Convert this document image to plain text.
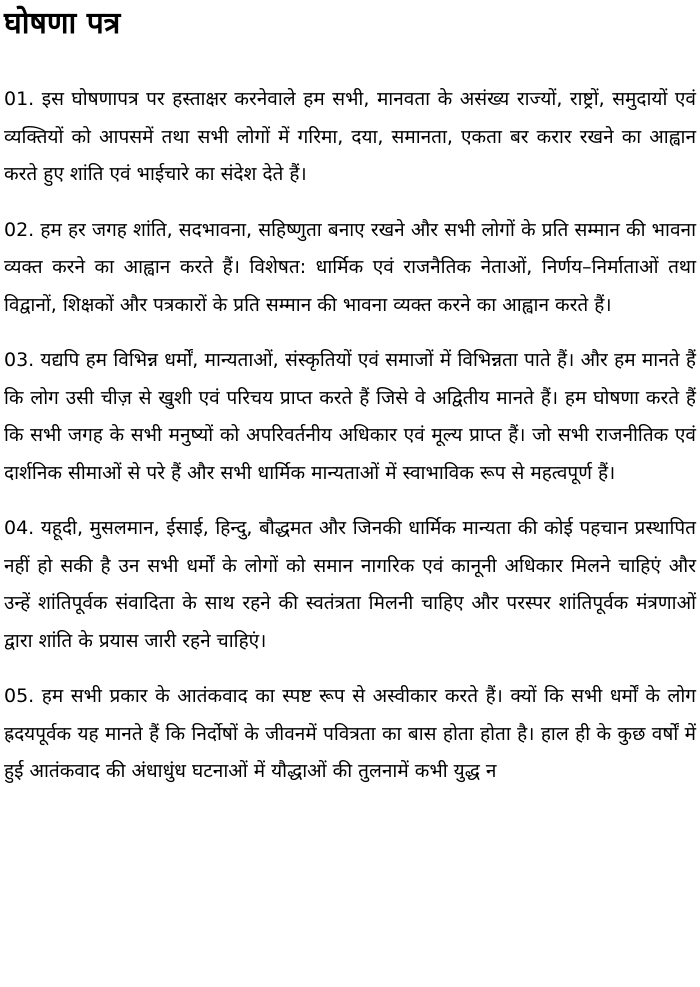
घोषणा पत्र

01. इस घोषणापत्र पर हस्ताक्षर करनेवाले हम सभी, मानवता के असंख्य राज्यों, राष्ट्रों, समुदायों एवं व्यक्तियों को आपसमें तथा सभी लोगों में गरिमा, दया, समानता, एकता बर करार रखने का आह्वान करते हुए शांति एवं भाईचारे का संदेश देते हैं।

02. हम हर जगह शांति, सदभावना, सहिष्णुता बनाए रखने और सभी लोगों के प्रति सम्मान की भावना व्यक्त करने का आह्वान करते हैं। विशेषत: धार्मिक एवं राजनैतिक नेताओं, निर्णय–निर्माताओं तथा विद्वानों, शिक्षकों और पत्रकारों के प्रति सम्मान की भावना व्यक्त करने का आह्वान करते हैं।

03. यद्यपि हम विभिन्न धर्मों, मान्यताओं, संस्कृतियों एवं समाजों में विभिन्नता पाते हैं। और हम मानते हैं कि लोग उसी चीज़ से खुशी एवं परिचय प्राप्त करते हैं जिसे वे अद्वितीय मानते हैं। हम घोषणा करते हैं कि सभी जगह के सभी मनुष्यों को अपरिवर्तनीय अधिकार एवं मूल्य प्राप्त हैं। जो सभी राजनीतिक एवं दार्शनिक सीमाओं से परे हैं और सभी धार्मिक मान्यताओं में स्वाभाविक रूप से महत्वपूर्ण हैं।

04. यहूदी, मुसलमान, ईसाई, हिन्दु, बौद्धमत और जिनकी धार्मिक मान्यता की कोई पहचान प्रस्थापित नहीं हो सकी है उन सभी धर्मों के लोगों को समान नागरिक एवं कानूनी अधिकार मिलने चाहिएं और उन्हें शांतिपूर्वक संवादिता के साथ रहने की स्वतंत्रता मिलनी चाहिए और परस्पर शांतिपूर्वक मंत्रणाओं द्वारा शांति के प्रयास जारी रहने चाहिएं।

05. हम सभी प्रकार के आतंकवाद का स्पष्ट रूप से अस्वीकार करते हैं। क्यों कि सभी धर्मों के लोग ह्रदयपूर्वक यह मानते हैं कि निर्दोषों के जीवनमें पवित्रता का बास होता होता है। हाल ही के कुछ वर्षों में हुई आतंकवाद की अंधाधुंध घटनाओं में यौद्धाओं की तुलनामें कभी युद्ध न
